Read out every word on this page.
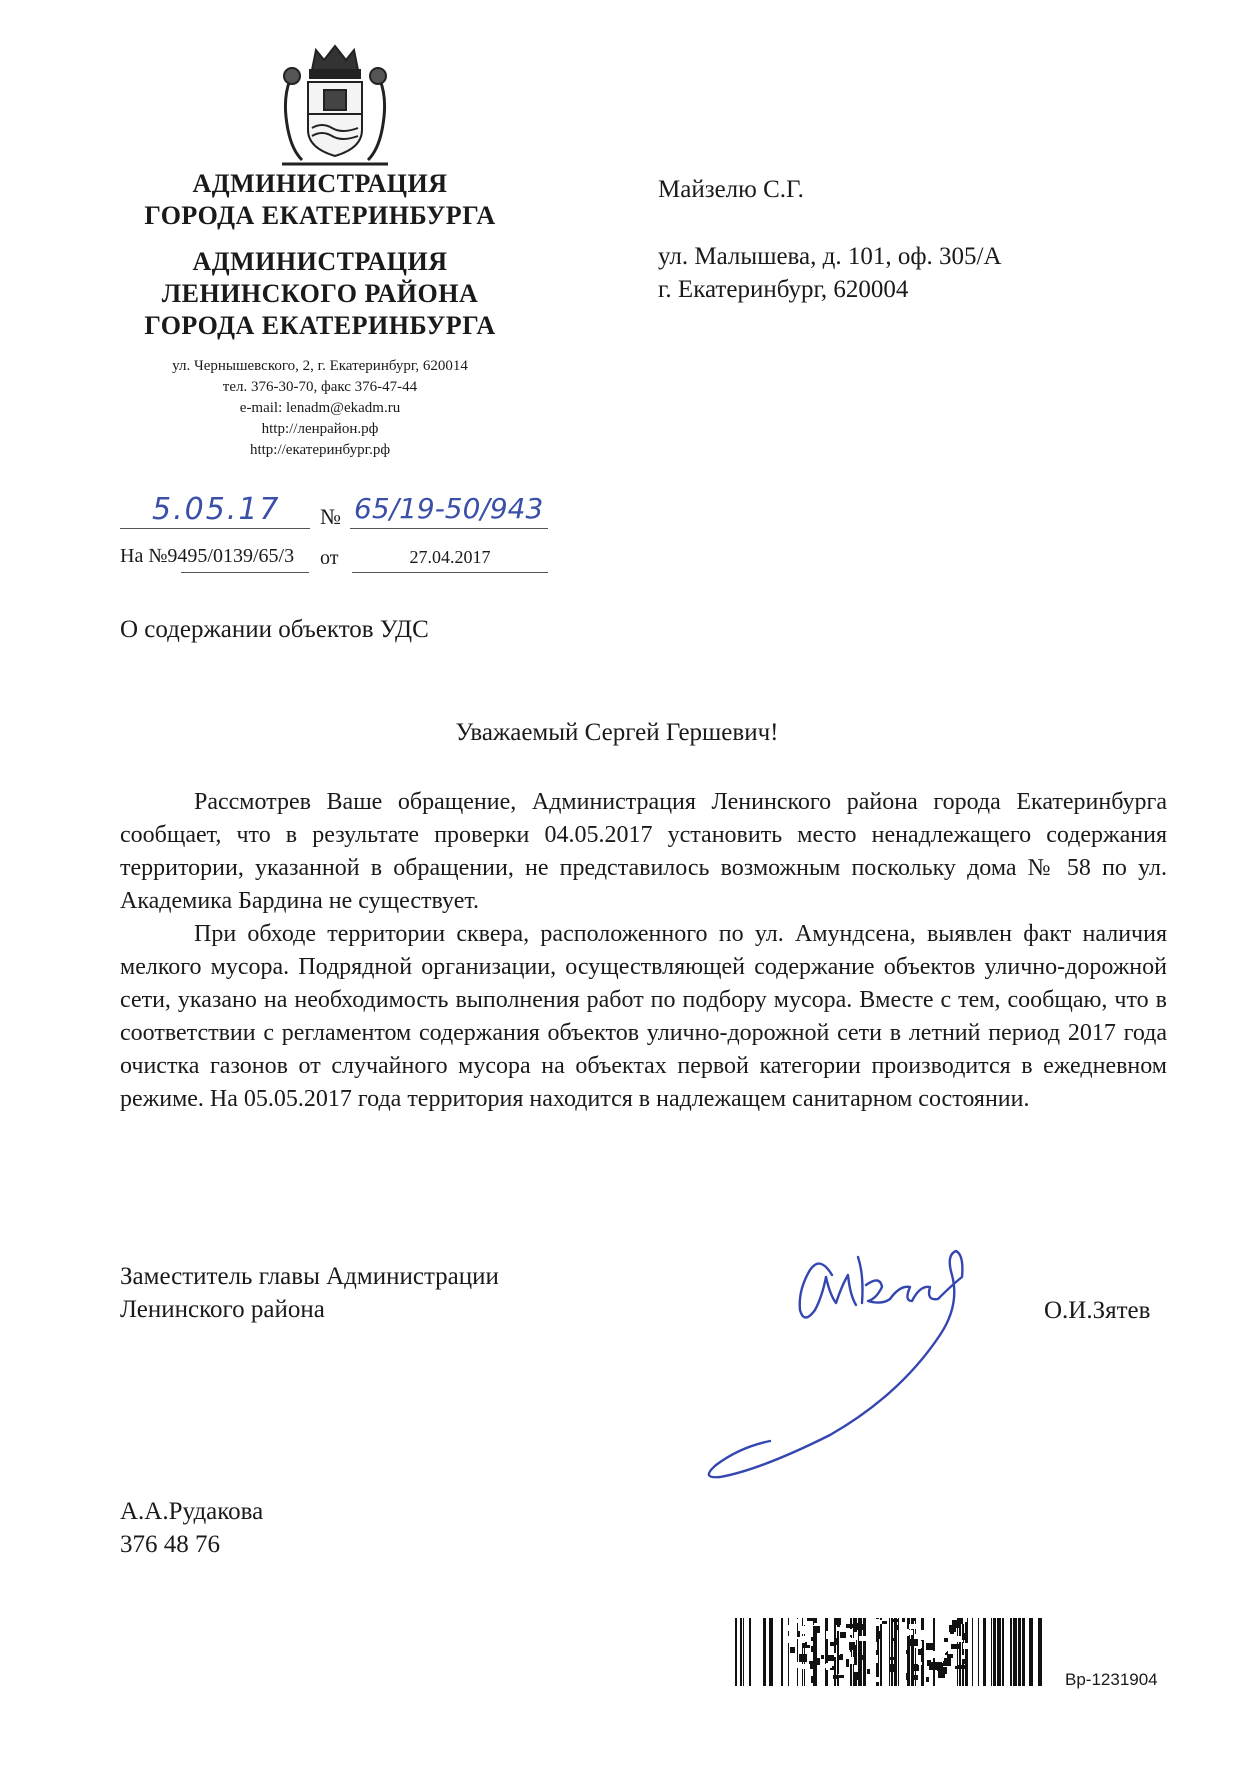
АДМИНИСТРАЦИЯ
ГОРОДА ЕКАТЕРИНБУРГА
АДМИНИСТРАЦИЯ
ЛЕНИНСКОГО РАЙОНА
ГОРОДА ЕКАТЕРИНБУРГА
ул. Чернышевского, 2, г. Екатеринбург, 620014
тел. 376-30-70, факс 376-47-44
e-mail: lenadm@ekadm.ru
http://ленрайон.рф
http://екатеринбург.рф
5.05.17 № 65/19-50/943
На №9495/0139/65/3 от	27.04.2017
Майзелю С.Г.
ул. Малышева, д. 101, оф. 305/А
г. Екатеринбург, 620004
О содержании объектов УДС
Уважаемый Сергей Гершевич!

Рассмотрев Ваше обращение, Администрация Ленинского района города Екатеринбурга сообщает, что в результате проверки 04.05.2017 установить место ненадлежащего содержания территории, указанной в обращении, не представилось возможным поскольку дома № 58 по ул. Академика Бардина не существует.

При обходе территории сквера, расположенного по ул. Амундсена, выявлен факт наличия мелкого мусора. Подрядной организации, осуществляющей содержание объектов улично-дорожной сети, указано на необходимость выполнения работ по подбору мусора. Вместе с тем, сообщаю, что в соответствии с регламентом содержания объектов улично-дорожной сети в летний период 2017 года очистка газонов от случайного мусора на объектах первой категории производится в ежедневном режиме. На 05.05.2017 года территория находится в надлежащем санитарном состоянии.

Заместитель главы Администрации
Ленинского района	О.И.Зятев
А.А.Рудакова
376 48 76
Вр-1231904
